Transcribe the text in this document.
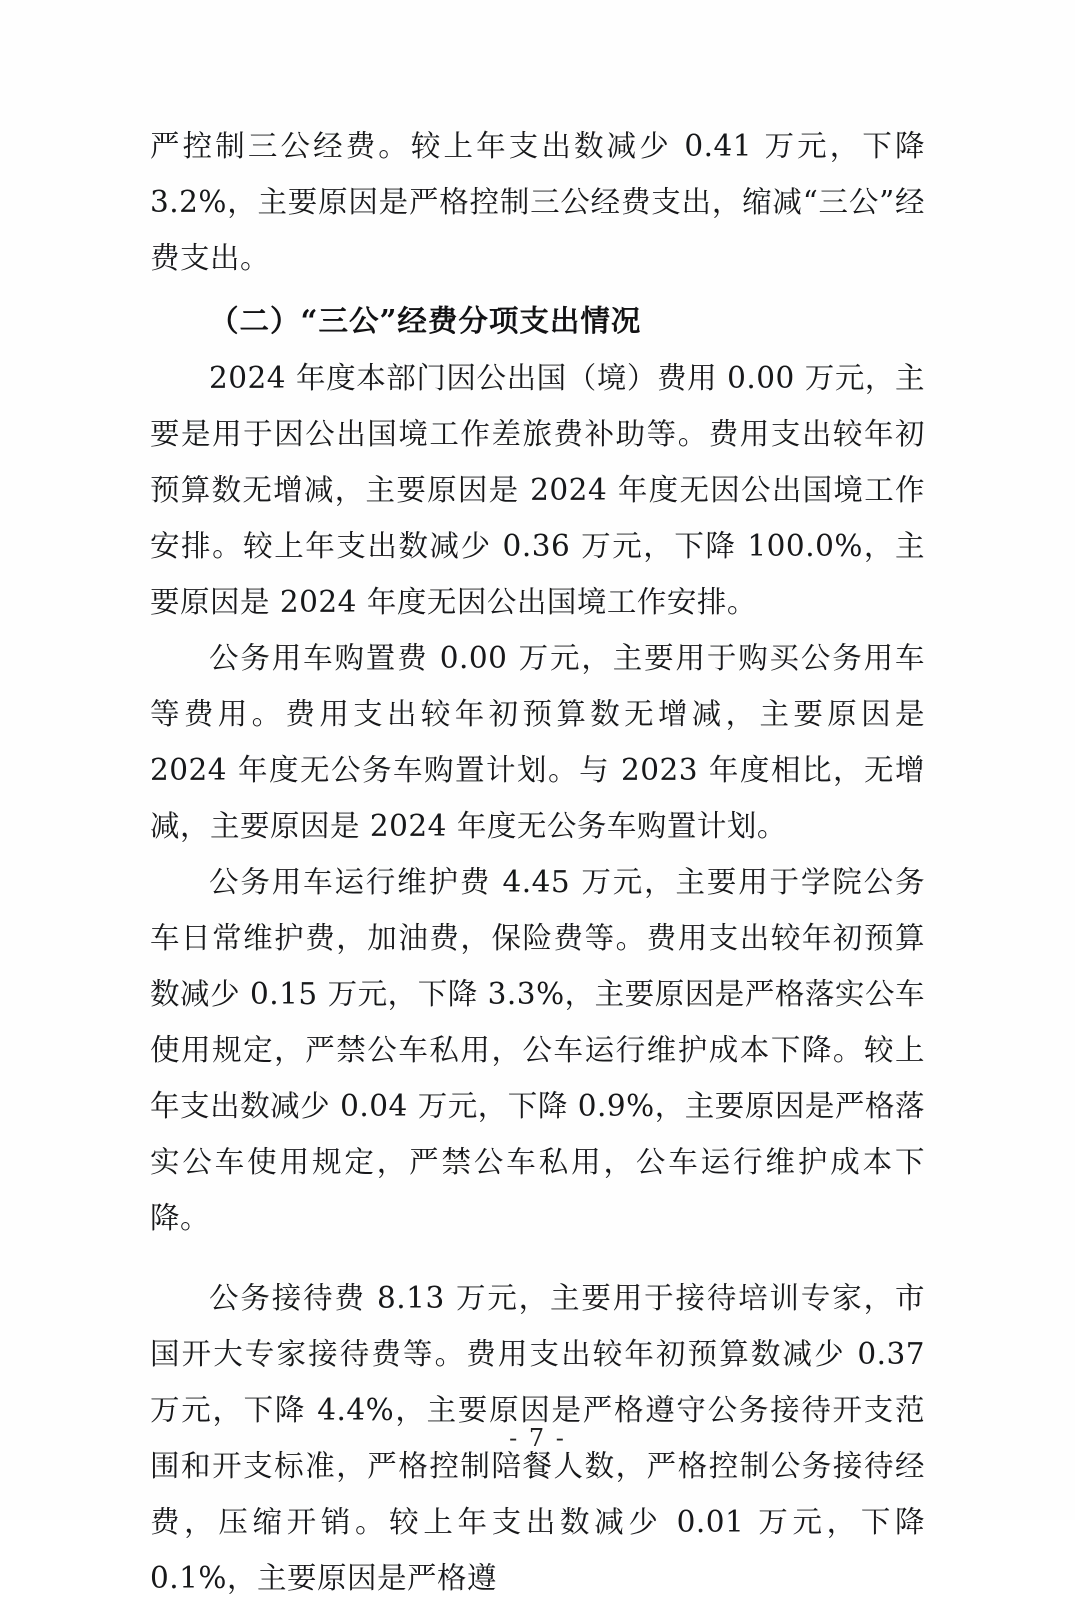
严控制三公经费。较上年支出数减少 0.41 万元，下降 3.2%，主要原因是严格控制三公经费支出，缩减“三公”经费支出。

（二）“三公”经费分项支出情况

2024 年度本部门因公出国（境）费用 0.00 万元，主要是用于因公出国境工作差旅费补助等。费用支出较年初预算数无增减，主要原因是 2024 年度无因公出国境工作安排。较上年支出数减少 0.36 万元，下降 100.0%，主要原因是 2024 年度无因公出国境工作安排。

公务用车购置费 0.00 万元，主要用于购买公务用车等费用。费用支出较年初预算数无增减，主要原因是 2024 年度无公务车购置计划。与 2023 年度相比，无增减，主要原因是 2024 年度无公务车购置计划。

公务用车运行维护费 4.45 万元，主要用于学院公务车日常维护费，加油费，保险费等。费用支出较年初预算数减少 0.15 万元，下降 3.3%，主要原因是严格落实公车使用规定，严禁公车私用，公车运行维护成本下降。较上年支出数减少 0.04 万元，下降 0.9%，主要原因是严格落实公车使用规定，严禁公车私用，公车运行维护成本下降。

公务接待费 8.13 万元，主要用于接待培训专家，市国开大专家接待费等。费用支出较年初预算数减少 0.37 万元，下降 4.4%，主要原因是严格遵守公务接待开支范围和开支标准，严格控制陪餐人数，严格控制公务接待经费，压缩开销。较上年支出数减少 0.01 万元，下降 0.1%，主要原因是严格遵

- 7 -
